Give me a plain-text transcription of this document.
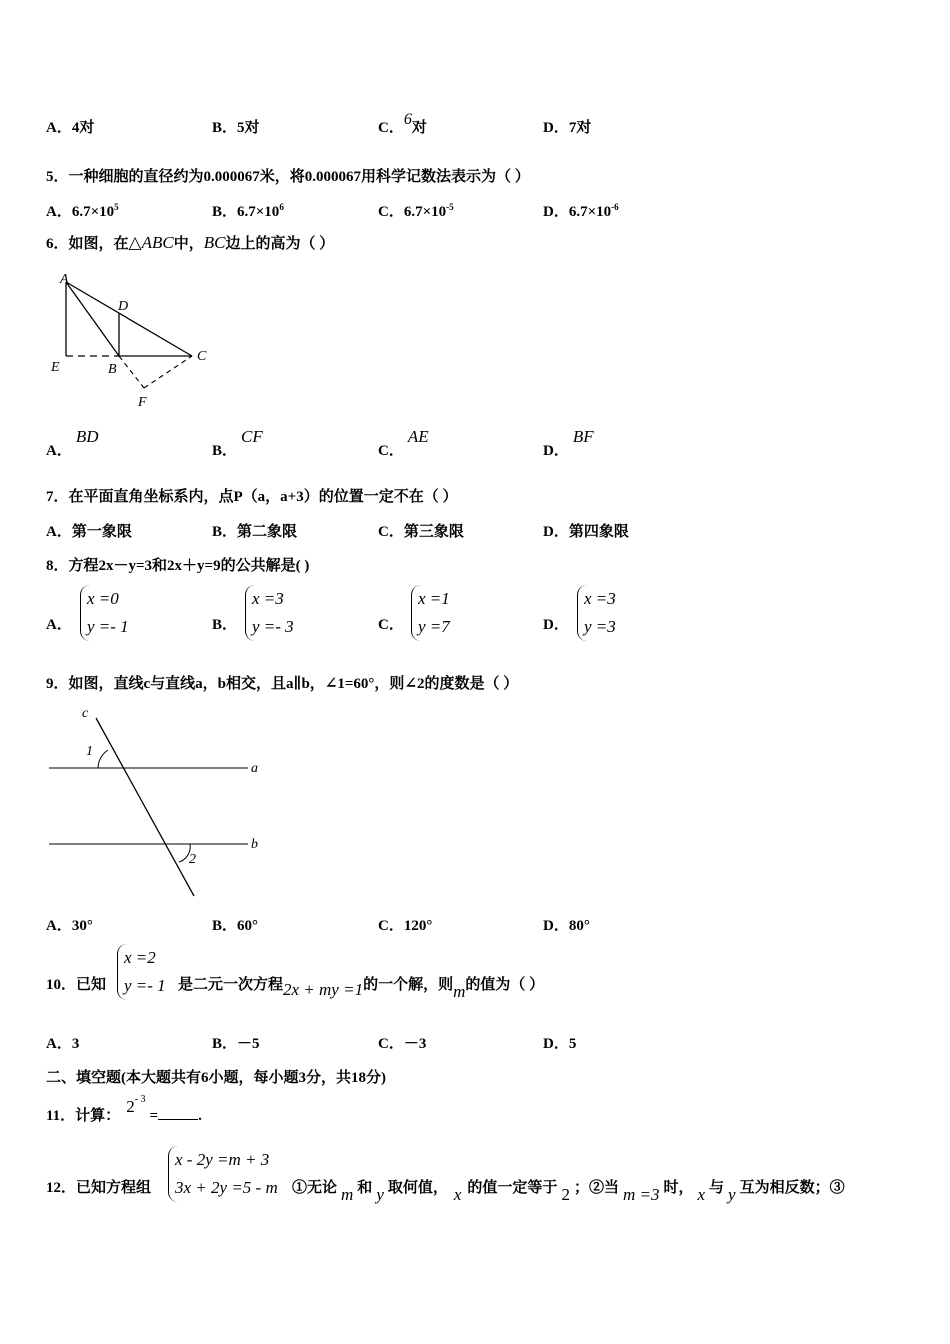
A．4对	B．5对	C．6对	D．7对
5．一种细胞的直径约为0.000067米，将0.000067用科学记数法表示为（ ）
A．$6.7\times 10^5$	B．$6.7\times 10^6$	C．$6.7\times 10^{-5}$	D．$6.7\times 10^{-6}$
6．如图，在△ABC中，BC边上的高为（ ）
A
D
E	B
C
F
A．BD
B．CF
C．AE
D．BF
7．在平面直角坐标系内，点P（a，a+3）的位置一定不在（ ）
A．第一象限	B．第二象限	C．第三象限	D．第四象限
8．方程2x－y=3和2x＋y=9的公共解是( )
A．
x =0
y =- 1	B．
x =3
y =- 3	C．
x =1
y =7	D．
x =3
y =3
9．如图，直线c与直线a，b相交，且a∥b，∠1=60°，则∠2的度数是（ ）
c
1
a
b
2
A．30°	B．60°	C．120°	D．80°
10．已知
x =2
y =- 1 是二元一次方程2x + my =1的一个解，则m的值为（ ）
A．3	B．－5	C．－3	D．5
二、填空题(本大题共有6小题，每小题3分，共18分)
11．计算： $2^{- 3}=$	.
12．已知方程组
x - 2y =m + 3
3x + 2y =5 - m ①无论 m 和 y 取何值， x 的值一定等于 2 ；②当 m =3 时， x 与 y 互为相反数；③
